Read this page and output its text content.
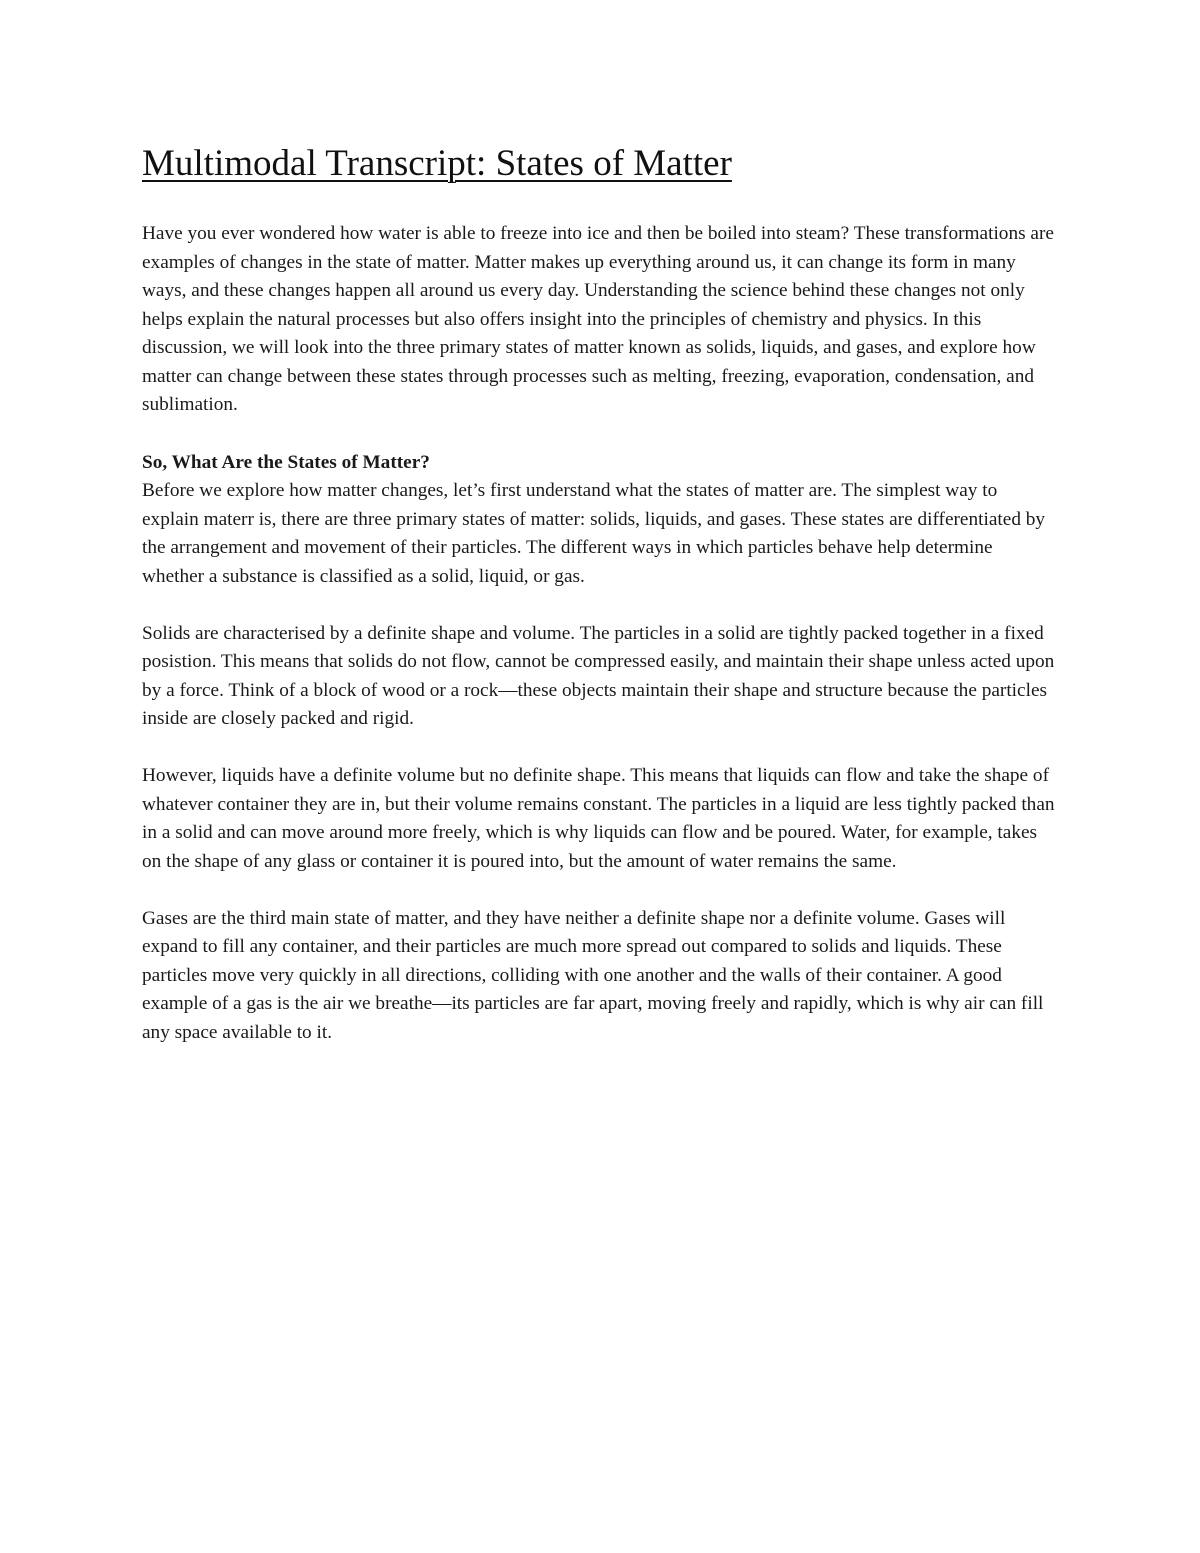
Multimodal Transcript: States of Matter

Have you ever wondered how water is able to freeze into ice and then be boiled into steam? These transformations are examples of changes in the state of matter. Matter makes up everything around us, it can change its form in many ways, and these changes happen all around us every day. Understanding the science behind these changes not only helps explain the natural processes but also offers insight into the principles of chemistry and physics. In this discussion, we will look into the three primary states of matter known as solids, liquids, and gases, and explore how matter can change between these states through processes such as melting, freezing, evaporation, condensation, and sublimation.

So, What Are the States of Matter?

Before we explore how matter changes, let’s first understand what the states of matter are. The simplest way to explain materr is, there are three primary states of matter: solids, liquids, and gases. These states are differentiated by the arrangement and movement of their particles. The different ways in which particles behave help determine whether a substance is classified as a solid, liquid, or gas.

Solids are characterised by a definite shape and volume. The particles in a solid are tightly packed together in a fixed posistion. This means that solids do not flow, cannot be compressed easily, and maintain their shape unless acted upon by a force. Think of a block of wood or a rock—these objects maintain their shape and structure because the particles inside are closely packed and rigid.

However, liquids have a definite volume but no definite shape. This means that liquids can flow and take the shape of whatever container they are in, but their volume remains constant. The particles in a liquid are less tightly packed than in a solid and can move around more freely, which is why liquids can flow and be poured. Water, for example, takes on the shape of any glass or container it is poured into, but the amount of water remains the same.

Gases are the third main state of matter, and they have neither a definite shape nor a definite volume. Gases will expand to fill any container, and their particles are much more spread out compared to solids and liquids. These particles move very quickly in all directions, colliding with one another and the walls of their container. A good example of a gas is the air we breathe—its particles are far apart, moving freely and rapidly, which is why air can fill any space available to it.
